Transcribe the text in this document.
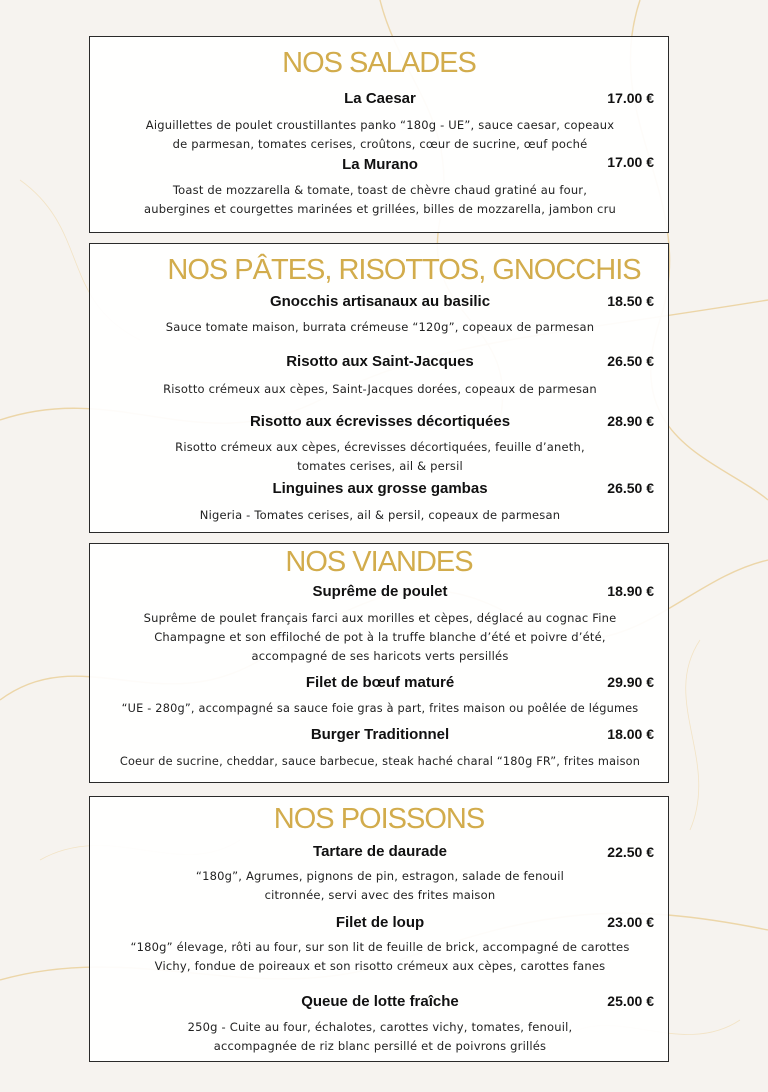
NOS SALADES
La Caesar	17.00 €
Aiguillettes de poulet croustillantes panko “180g - UE”, sauce caesar, copeaux
de parmesan, tomates cerises, croûtons, cœur de sucrine, œuf poché
La Murano	17.00 €
Toast de mozzarella & tomate, toast de chèvre chaud gratiné au four,
aubergines et courgettes marinées et grillées, billes de mozzarella, jambon cru
NOS PÂTES, RISOTTOS, GNOCCHIS
Gnocchis artisanaux au basilic	18.50 €
Sauce tomate maison, burrata crémeuse “120g”, copeaux de parmesan
Risotto aux Saint-Jacques	26.50 €
Risotto crémeux aux cèpes, Saint-Jacques dorées, copeaux de parmesan
Risotto aux écrevisses décortiquées	28.90 €
Risotto crémeux aux cèpes, écrevisses décortiquées, feuille d’aneth,
tomates cerises, ail & persil
Linguines aux grosse gambas	26.50 €
Nigeria - Tomates cerises, ail & persil, copeaux de parmesan
NOS VIANDES
Suprême de poulet	18.90 €
Suprême de poulet français farci aux morilles et cèpes, déglacé au cognac Fine
Champagne et son effiloché de pot à la truffe blanche d’été et poivre d’été,
accompagné de ses haricots verts persillés
Filet de bœuf maturé	29.90 €
“UE - 280g”, accompagné sa sauce foie gras à part, frites maison ou poêlée de légumes
Burger Traditionnel	18.00 €
Coeur de sucrine, cheddar, sauce barbecue, steak haché charal “180g FR”, frites maison
NOS POISSONS
Tartare de daurade	22.50 €
“180g”, Agrumes, pignons de pin, estragon, salade de fenouil
citronnée, servi avec des frites maison
Filet de loup	23.00 €
“180g” élevage, rôti au four, sur son lit de feuille de brick, accompagné de carottes
Vichy, fondue de poireaux et son risotto crémeux aux cèpes, carottes fanes
Queue de lotte fraîche	25.00 €
250g - Cuite au four, échalotes, carottes vichy, tomates, fenouil,
accompagnée de riz blanc persillé et de poivrons grillés
